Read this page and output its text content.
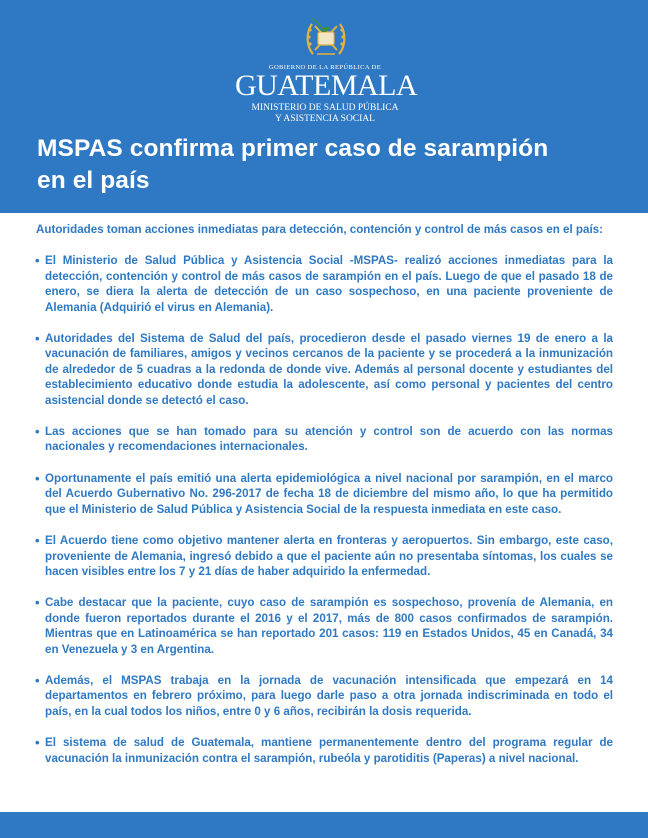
GOBIERNO DE LA REPÚBLICA DE
GUATEMALA
MINISTERIO DE SALUD PÚBLICA
Y ASISTENCIA SOCIAL
MSPAS confirma primer caso de sarampión
en el país

Autoridades toman acciones inmediatas para detección, contención y control de más casos en el país:

• El Ministerio de Salud Pública y Asistencia Social -MSPAS- realizó acciones inmediatas para la detección, contención y control de más casos de sarampión en el país. Luego de que el pasado 18 de enero, se diera la alerta de detección de un caso sospechoso, en una paciente proveniente de Alemania (Adquirió el virus en Alemania).
• Autoridades del Sistema de Salud del país, procedieron desde el pasado viernes 19 de enero a la vacunación de familiares, amigos y vecinos cercanos de la paciente y se procederá a la inmunización de alrededor de 5 cuadras a la redonda de donde vive. Además al personal docente y estudiantes del establecimiento educativo donde estudia la adolescente, así como personal y pacientes del centro asistencial donde se detectó el caso.
• Las acciones que se han tomado para su atención y control son de acuerdo con las normas nacionales y recomendaciones internacionales.
• Oportunamente el país emitió una alerta epidemiológica a nivel nacional por sarampión, en el marco del Acuerdo Gubernativo No. 296-2017 de fecha 18 de diciembre del mismo año, lo que ha permitido que el Ministerio de Salud Pública y Asistencia Social de la respuesta inmediata en este caso.
• El Acuerdo tiene como objetivo mantener alerta en fronteras y aeropuertos. Sin embargo, este caso, proveniente de Alemania, ingresó debido a que el paciente aún no presentaba síntomas, los cuales se hacen visibles entre los 7 y 21 días de haber adquirido la enfermedad.
• Cabe destacar que la paciente, cuyo caso de sarampión es sospechoso, provenía de Alemania, en donde fueron reportados durante el 2016 y el 2017, más de 800 casos confirmados de sarampión. Mientras que en Latinoamérica se han reportado 201 casos: 119 en Estados Unidos, 45 en Canadá, 34 en Venezuela y 3 en Argentina.
• Además, el MSPAS trabaja en la jornada de vacunación intensificada que empezará en 14 departamentos en febrero próximo, para luego darle paso a otra jornada indiscriminada en todo el país, en la cual todos los niños, entre 0 y 6 años, recibirán la dosis requerida.
• El sistema de salud de Guatemala, mantiene permanentemente dentro del programa regular de vacunación la inmunización contra el sarampión, rubeóla y parotiditis (Paperas) a nivel nacional.
